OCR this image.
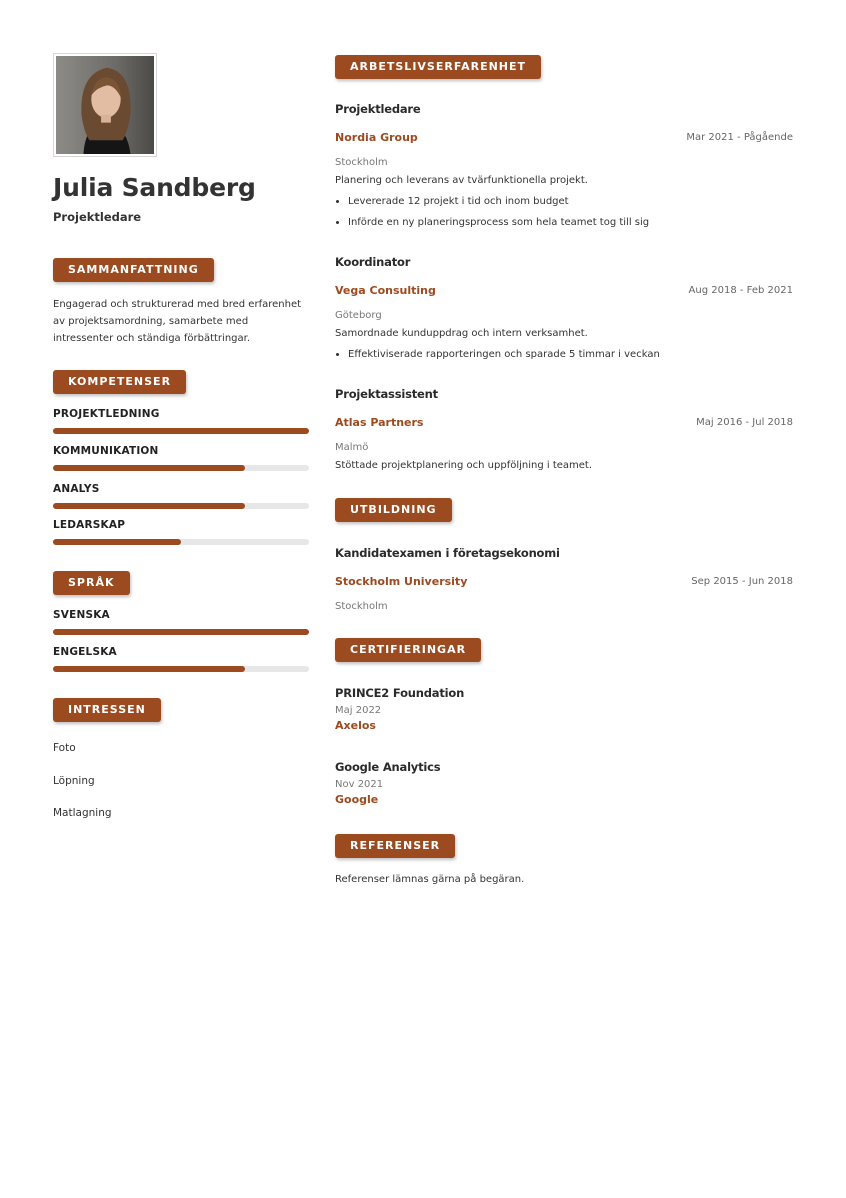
Julia Sandberg
Projektledare
SAMMANFATTNING
Engagerad och strukturerad med bred erfarenhet av projektsamordning, samarbete med intressenter och ständiga förbättringar.
KOMPETENSER
PROJEKTLEDNING
KOMMUNIKATION
ANALYS
LEDARSKAP
SPRÅK
SVENSKA
ENGELSKA
INTRESSEN
Foto
Löpning
Matlagning
ARBETSLIVSERFARENHET
Projektledare
Nordia Group	Mar 2021 - Pågående
Stockholm
Planering och leverans av tvärfunktionella projekt.
• Levererade 12 projekt i tid och inom budget
• Införde en ny planeringsprocess som hela teamet tog till sig
Koordinator
Vega Consulting	Aug 2018 - Feb 2021
Göteborg
Samordnade kunduppdrag och intern verksamhet.
• Effektiviserade rapporteringen och sparade 5 timmar i veckan
Projektassistent
Atlas Partners	Maj 2016 - Jul 2018
Malmö
Stöttade projektplanering och uppföljning i teamet.
UTBILDNING
Kandidatexamen i företagsekonomi
Stockholm University	Sep 2015 - Jun 2018
Stockholm
CERTIFIERINGAR
PRINCE2 Foundation
Maj 2022
Axelos
Google Analytics
Nov 2021
Google
REFERENSER
Referenser lämnas gärna på begäran.
